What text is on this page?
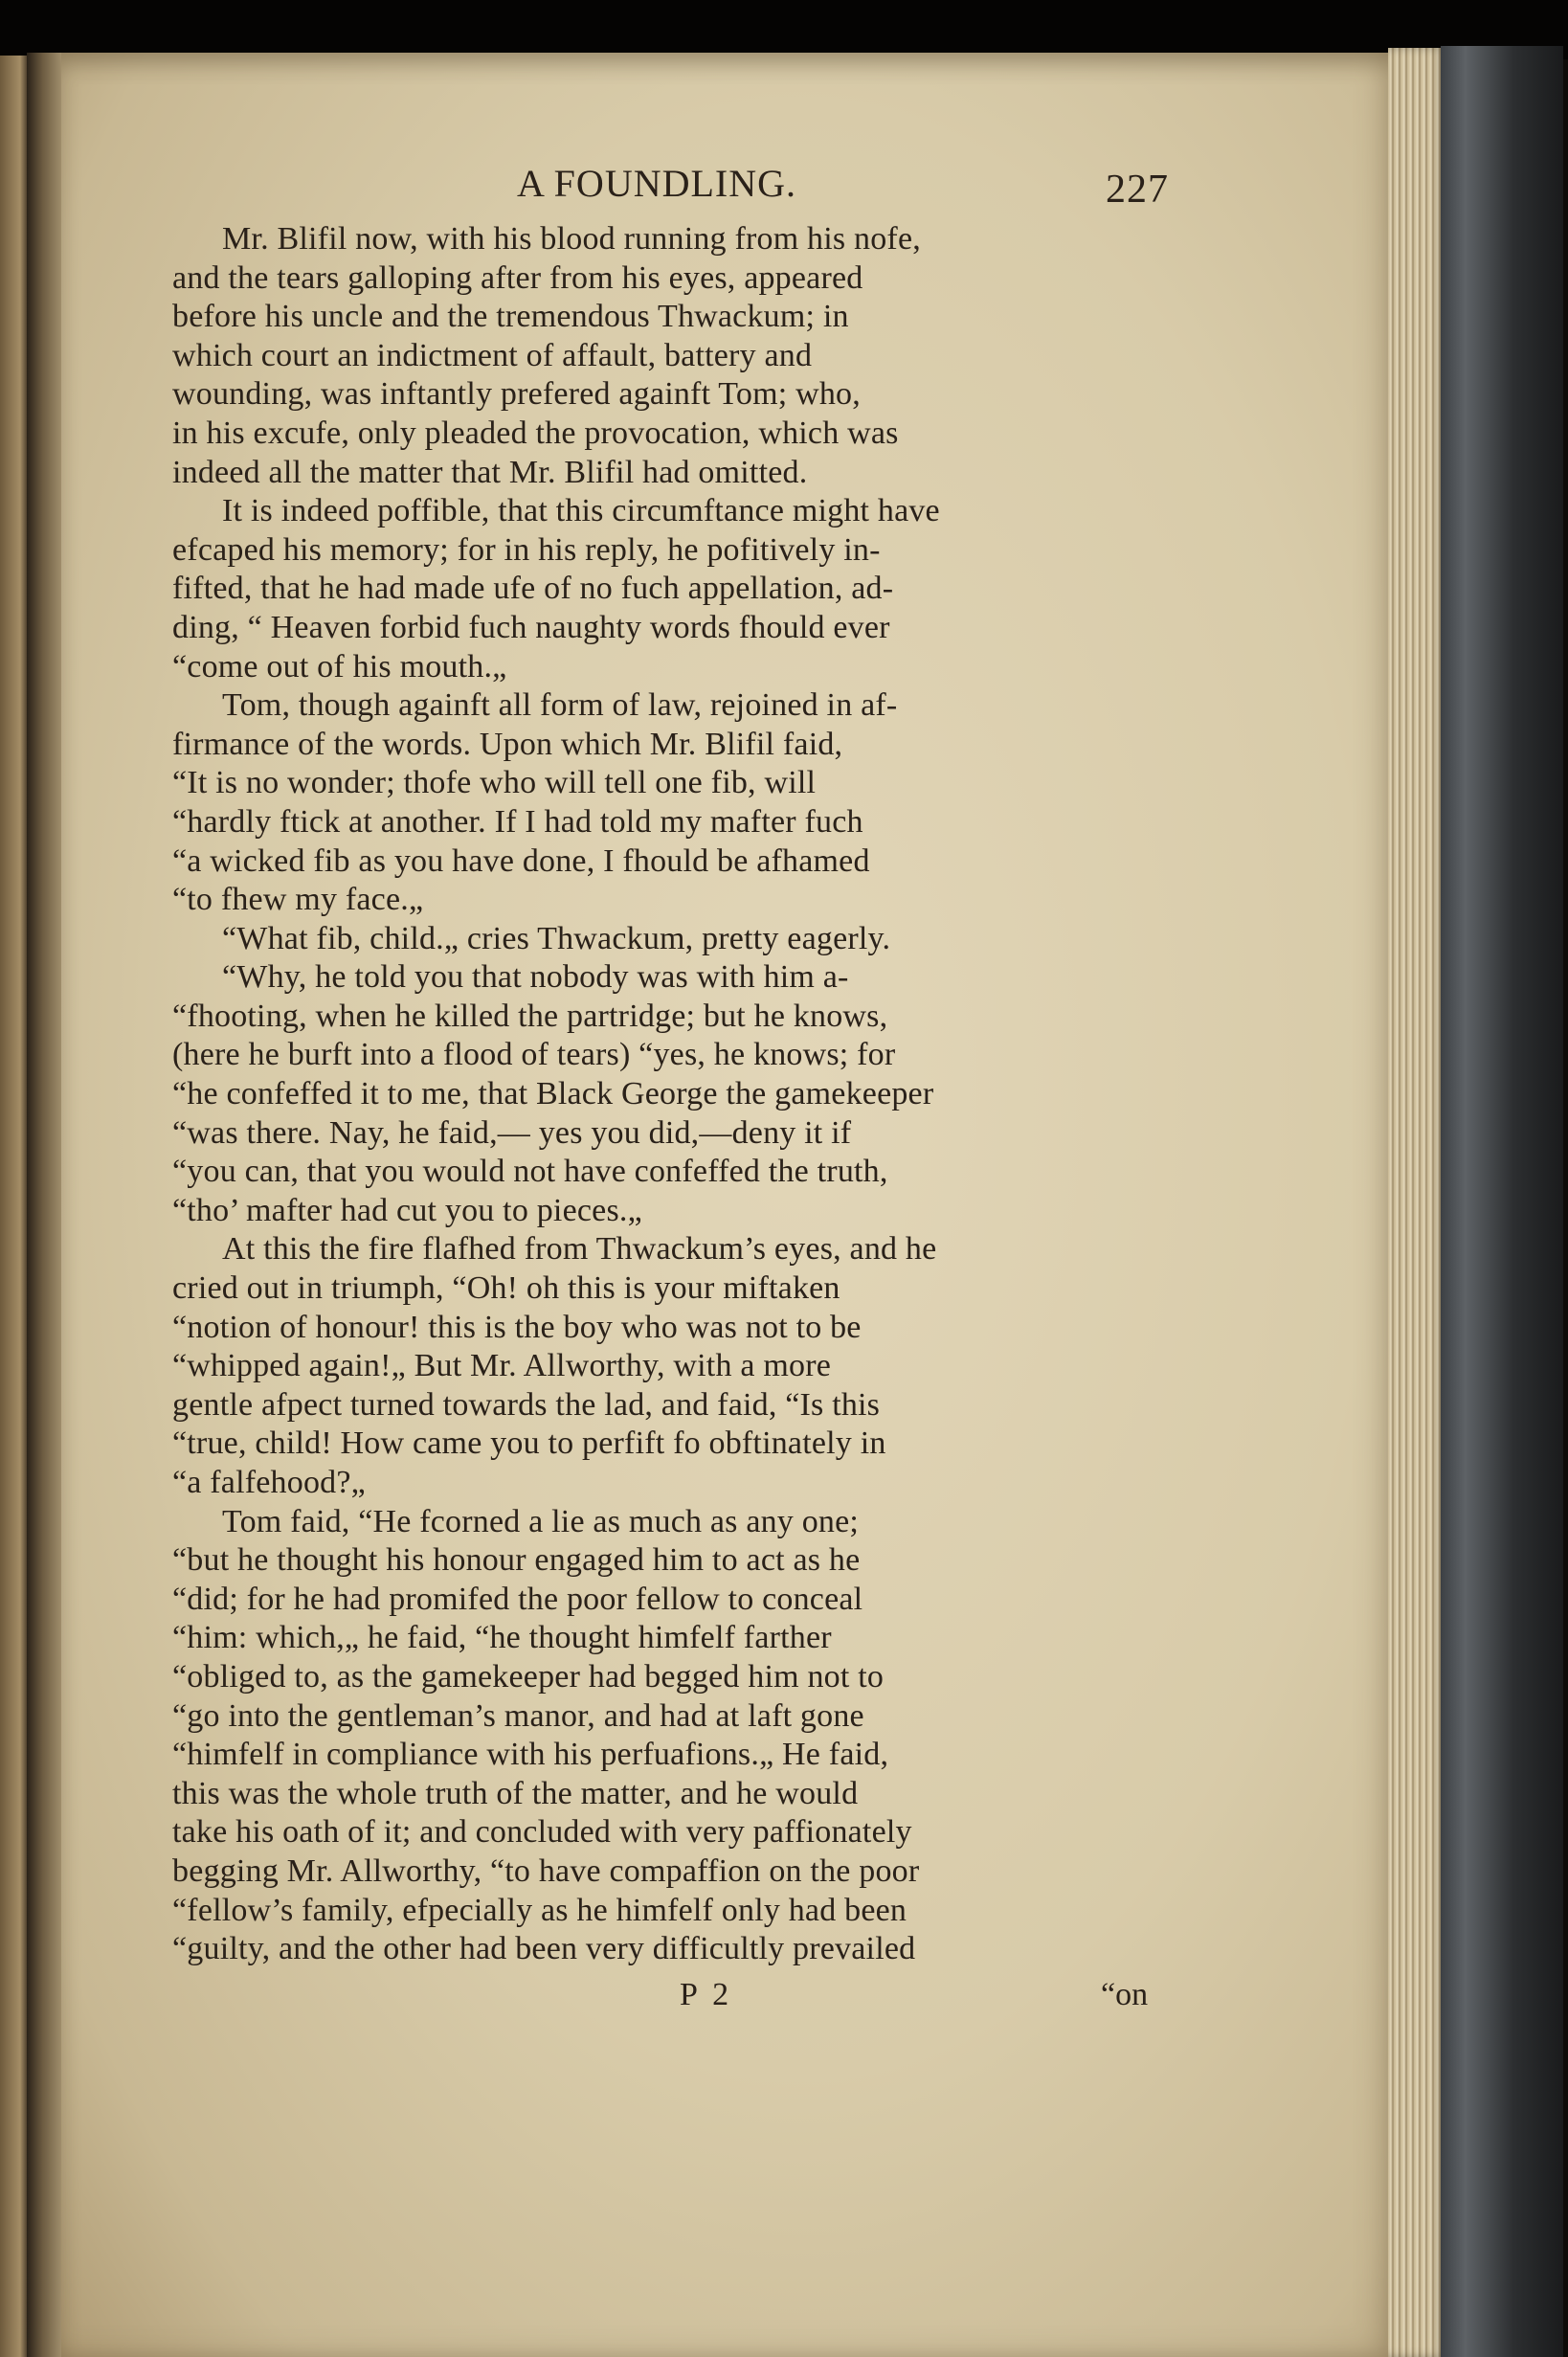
A FOUNDLING.	227
Mr. Blifil now, with his blood running from his nofe,
and the tears galloping after from his eyes, appeared
before his uncle and the tremendous Thwackum; in
which court an indictment of affault, battery and
wounding, was inftantly prefered againft Tom; who,
in his excufe, only pleaded the provocation, which was
indeed all the matter that Mr. Blifil had omitted.
It is indeed poffible, that this circumftance might have
efcaped his memory; for in his reply, he pofitively in-
fifted, that he had made ufe of no fuch appellation, ad-
ding, “ Heaven forbid fuch naughty words fhould ever
“come out of his mouth.„
Tom, though againft all form of law, rejoined in af-
firmance of the words. Upon which Mr. Blifil faid,
“It is no wonder; thofe who will tell one fib, will
“hardly ftick at another. If I had told my mafter fuch
“a wicked fib as you have done, I fhould be afhamed
“to fhew my face.„
“What fib, child.„ cries Thwackum, pretty eagerly.
“Why, he told you that nobody was with him a-
“fhooting, when he killed the partridge; but he knows,
(here he burft into a flood of tears) “yes, he knows; for
“he confeffed it to me, that Black George the gamekeeper
“was there. Nay, he faid,— yes you did,—deny it if
“you can, that you would not have confeffed the truth,
“tho’ mafter had cut you to pieces.„
At this the fire flafhed from Thwackum’s eyes, and he
cried out in triumph, “Oh! oh this is your miftaken
“notion of honour! this is the boy who was not to be
“whipped again!„ But Mr. Allworthy, with a more
gentle afpect turned towards the lad, and faid, “Is this
“true, child! How came you to perfift fo obftinately in
“a falfehood?„
Tom faid, “He fcorned a lie as much as any one;
“but he thought his honour engaged him to act as he
“did; for he had promifed the poor fellow to conceal
“him: which,„ he faid, “he thought himfelf farther
“obliged to, as the gamekeeper had begged him not to
“go into the gentleman’s manor, and had at laft gone
“himfelf in compliance with his perfuafions.„ He faid,
this was the whole truth of the matter, and he would
take his oath of it; and concluded with very paffionately
begging Mr. Allworthy, “to have compaffion on the poor
“fellow’s family, efpecially as he himfelf only had been
“guilty, and the other had been very difficultly prevailed
P 2	“on
